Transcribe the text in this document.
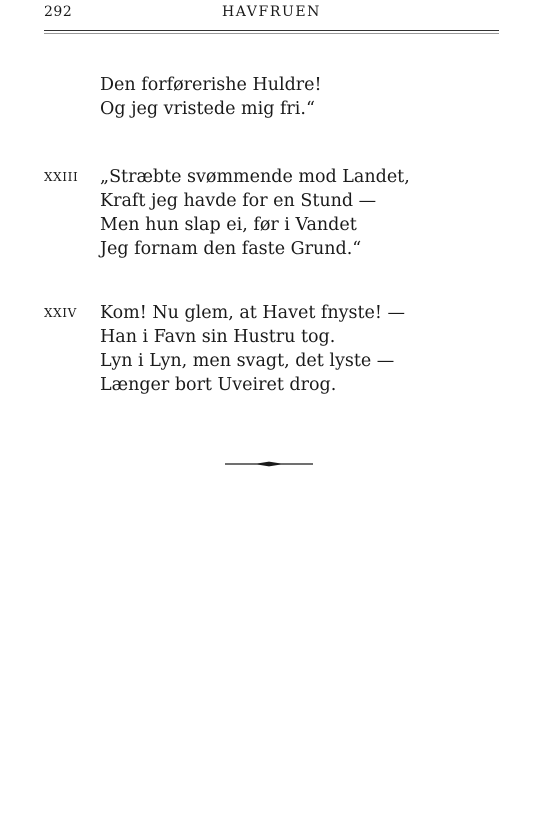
292	HAVFRUEN
Den forførerishe Huldre!
Og jeg vristede mig fri.“
XXIII „Stræbte svømmende mod Landet,
Kraft jeg havde for en Stund —
Men hun slap ei, før i Vandet
Jeg fornam den faste Grund.“
XXIV Kom! Nu glem, at Havet fnyste! —
Han i Favn sin Hustru tog.
Lyn i Lyn, men svagt, det lyste —
Længer bort Uveiret drog.
